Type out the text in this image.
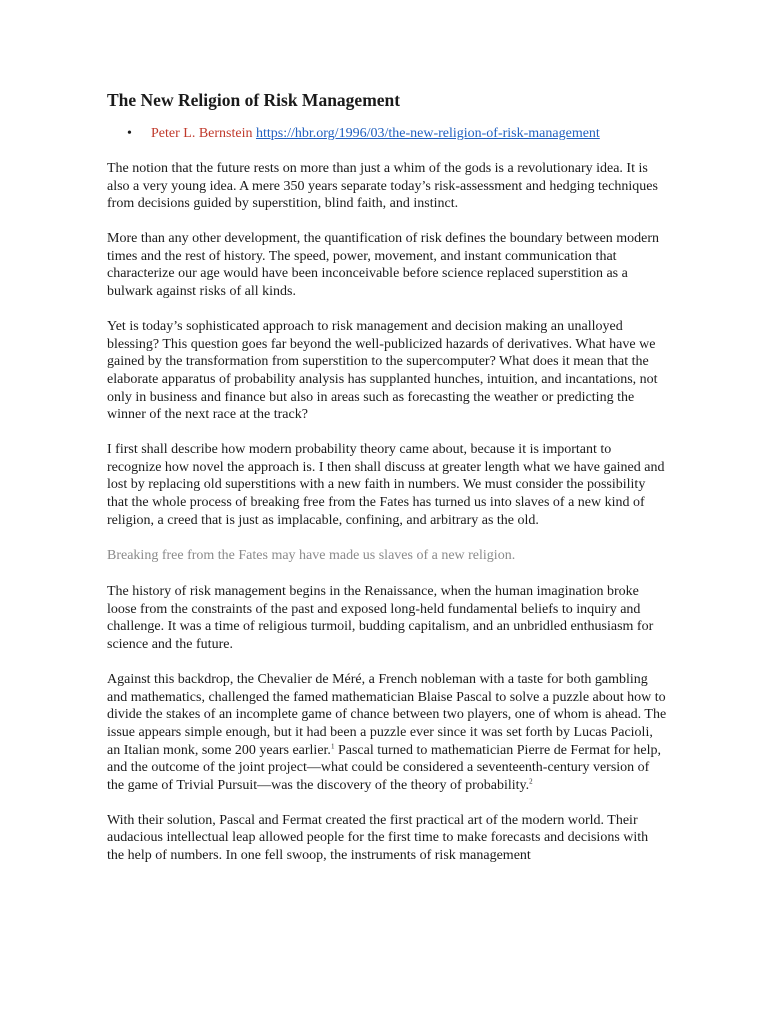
The New Religion of Risk Management
• Peter L. Bernstein https://hbr.org/1996/03/the-new-religion-of-risk-management

The notion that the future rests on more than just a whim of the gods is a revolutionary idea. It is also a very young idea. A mere 350 years separate today’s risk-assessment and hedging techniques from decisions guided by superstition, blind faith, and instinct.

More than any other development, the quantification of risk defines the boundary between modern times and the rest of history. The speed, power, movement, and instant communication that characterize our age would have been inconceivable before science replaced superstition as a bulwark against risks of all kinds.

Yet is today’s sophisticated approach to risk management and decision making an unalloyed blessing? This question goes far beyond the well-publicized hazards of derivatives. What have we gained by the transformation from superstition to the supercomputer? What does it mean that the elaborate apparatus of probability analysis has supplanted hunches, intuition, and incantations, not only in business and finance but also in areas such as forecasting the weather or predicting the winner of the next race at the track?

I first shall describe how modern probability theory came about, because it is important to recognize how novel the approach is. I then shall discuss at greater length what we have gained and lost by replacing old superstitions with a new faith in numbers. We must consider the possibility that the whole process of breaking free from the Fates has turned us into slaves of a new kind of religion, a creed that is just as implacable, confining, and arbitrary as the old.

Breaking free from the Fates may have made us slaves of a new religion.

The history of risk management begins in the Renaissance, when the human imagination broke loose from the constraints of the past and exposed long-held fundamental beliefs to inquiry and challenge. It was a time of religious turmoil, budding capitalism, and an unbridled enthusiasm for science and the future.

Against this backdrop, the Chevalier de Méré, a French nobleman with a taste for both gambling and mathematics, challenged the famed mathematician Blaise Pascal to solve a puzzle about how to divide the stakes of an incomplete game of chance between two players, one of whom is ahead. The issue appears simple enough, but it had been a puzzle ever since it was set forth by Lucas Pacioli, an Italian monk, some 200 years earlier.$^1$ Pascal turned to mathematician Pierre de Fermat for help, and the outcome of the joint project—what could be considered a seventeenth-century version of the game of Trivial Pursuit—was the discovery of the theory of probability.$^2$

With their solution, Pascal and Fermat created the first practical art of the modern world. Their audacious intellectual leap allowed people for the first time to make forecasts and decisions with the help of numbers. In one fell swoop, the instruments of risk management
